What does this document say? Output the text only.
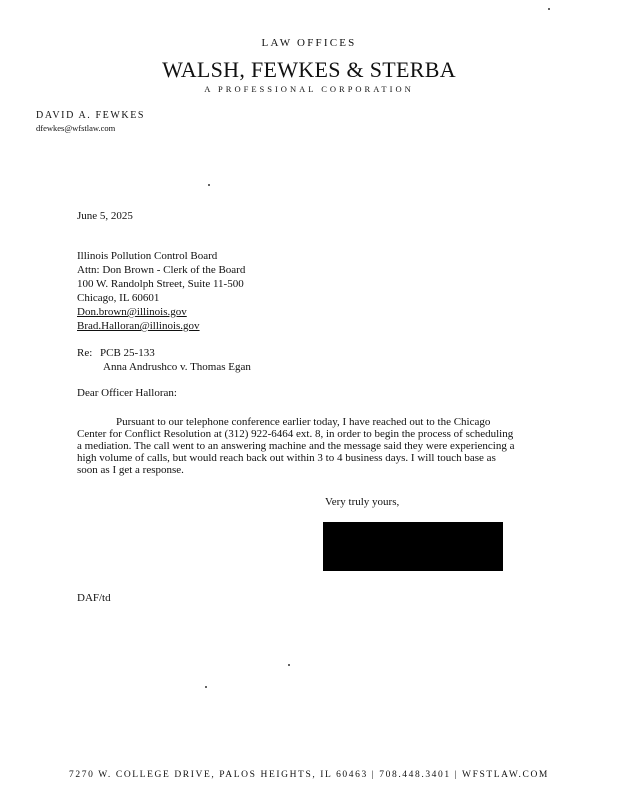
LAW OFFICES
WALSH, FEWKES & STERBA
A PROFESSIONAL CORPORATION
DAVID A. FEWKES
dfewkes@wfstlaw.com
June 5, 2025
Illinois Pollution Control Board
Attn: Don Brown - Clerk of the Board
100 W. Randolph Street, Suite 11-500
Chicago, IL 60601
Don.brown@illinois.gov
Brad.Halloran@illinois.gov
Re: PCB 25-133
Anna Andrushco v. Thomas Egan
Dear Officer Halloran:
Pursuant to our telephone conference earlier today, I have reached out to the Chicago Center for Conflict Resolution at (312) 922-6464 ext. 8, in order to begin the process of scheduling a mediation. The call went to an answering machine and the message said they were experiencing a high volume of calls, but would reach back out within 3 to 4 business days. I will touch base as soon as I get a response.
Very truly yours,
DAF/td
7270 W. COLLEGE DRIVE, PALOS HEIGHTS, IL 60463 | 708.448.3401 | WFSTLAW.COM
